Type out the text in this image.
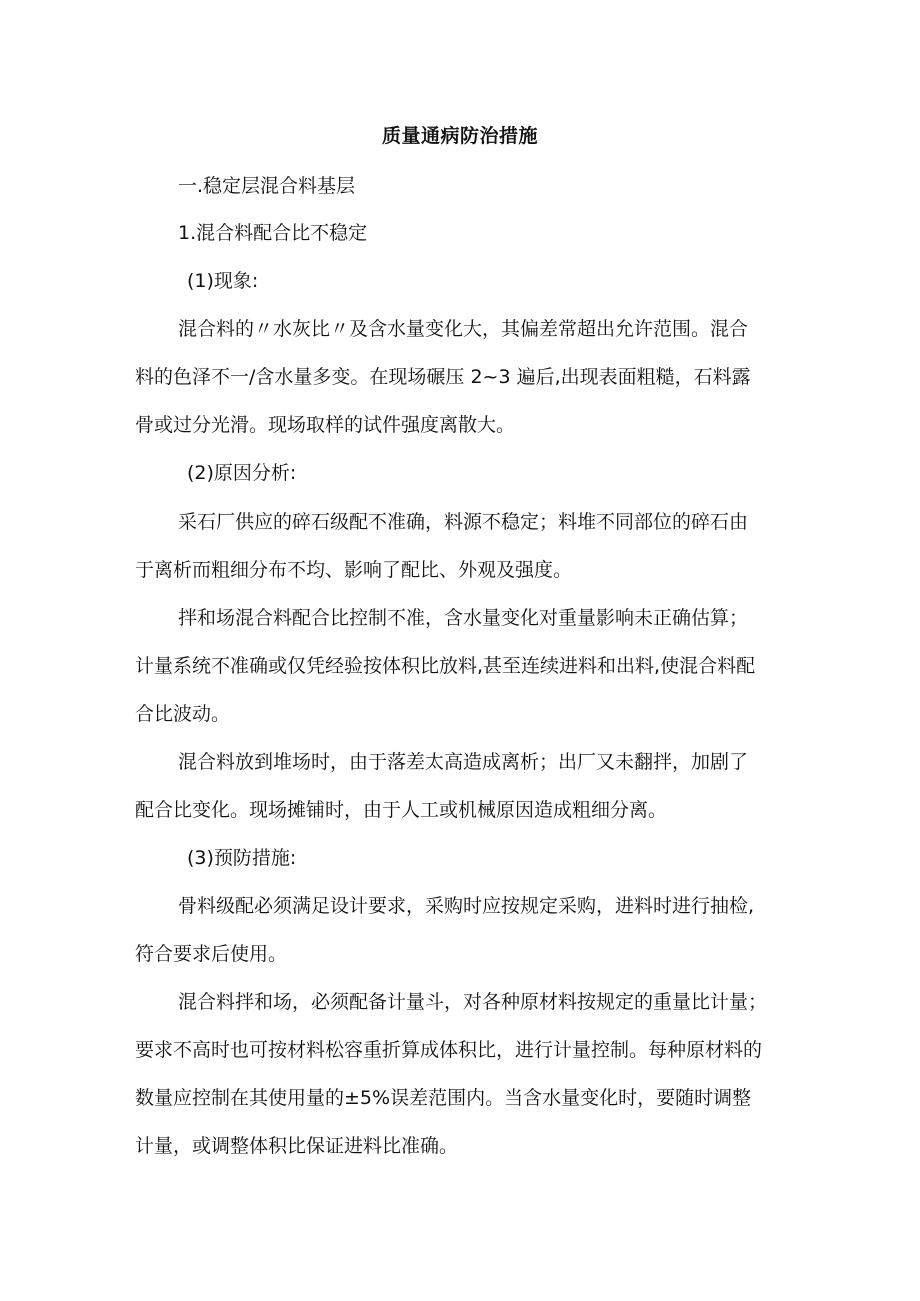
质量通病防治措施
一.稳定层混合料基层
1.混合料配合比不稳定
(1)现象:
混合料的〃水灰比〃及含水量变化大，其偏差常超出允许范围。混合
料的色泽不一/含水量多变。在现场碾压 2~3 遍后,出现表面粗糙，石料露
骨或过分光滑。现场取样的试件强度离散大。
(2)原因分析:
采石厂供应的碎石级配不准确，料源不稳定；料堆不同部位的碎石由
于离析而粗细分布不均、影响了配比、外观及强度。
拌和场混合料配合比控制不准，含水量变化对重量影响未正确估算；
计量系统不准确或仅凭经验按体积比放料,甚至连续进料和出料,使混合料配
合比波动。
混合料放到堆场时，由于落差太高造成离析；出厂又未翻拌，加剧了
配合比变化。现场摊铺时，由于人工或机械原因造成粗细分离。
(3)预防措施:
骨料级配必须满足设计要求，采购时应按规定采购，进料时进行抽检,
符合要求后使用。
混合料拌和场，必须配备计量斗，对各种原材料按规定的重量比计量；
要求不高时也可按材料松容重折算成体积比，进行计量控制。每种原材料的
数量应控制在其使用量的±5%误差范围内。当含水量变化时，要随时调整
计量，或调整体积比保证进料比准确。
